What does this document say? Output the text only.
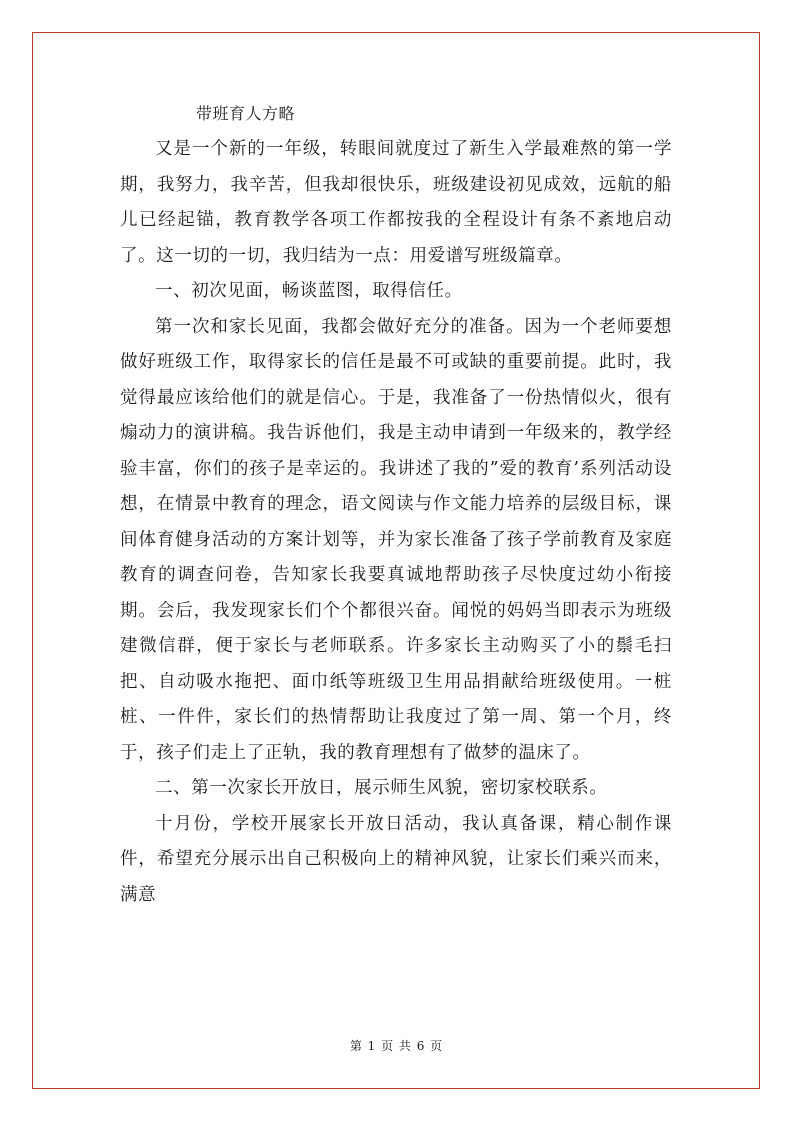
带班育人方略

又是一个新的一年级，转眼间就度过了新生入学最难熬的第一学期，我努力，我辛苦，但我却很快乐，班级建设初见成效，远航的船儿已经起锚，教育教学各项工作都按我的全程设计有条不紊地启动了。这一切的一切，我归结为一点：用爱谱写班级篇章。

一、初次见面，畅谈蓝图，取得信任。

第一次和家长见面，我都会做好充分的准备。因为一个老师要想做好班级工作，取得家长的信任是最不可或缺的重要前提。此时，我觉得最应该给他们的就是信心。于是，我准备了一份热情似火，很有煽动力的演讲稿。我告诉他们，我是主动申请到一年级来的，教学经验丰富，你们的孩子是幸运的。我讲述了我的”爱的教育’系列活动设想，在情景中教育的理念，语文阅读与作文能力培养的层级目标，课间体育健身活动的方案计划等，并为家长准备了孩子学前教育及家庭教育的调查问卷，告知家长我要真诚地帮助孩子尽快度过幼小衔接期。会后，我发现家长们个个都很兴奋。闻悦的妈妈当即表示为班级建微信群，便于家长与老师联系。许多家长主动购买了小的鬃毛扫把、自动吸水拖把、面巾纸等班级卫生用品捐献给班级使用。一桩桩、一件件，家长们的热情帮助让我度过了第一周、第一个月，终于，孩子们走上了正轨，我的教育理想有了做梦的温床了。

二、第一次家长开放日，展示师生风貌，密切家校联系。

十月份，学校开展家长开放日活动，我认真备课，精心制作课件，希望充分展示出自己积极向上的精神风貌，让家长们乘兴而来，满意

第 1 页 共 6 页
